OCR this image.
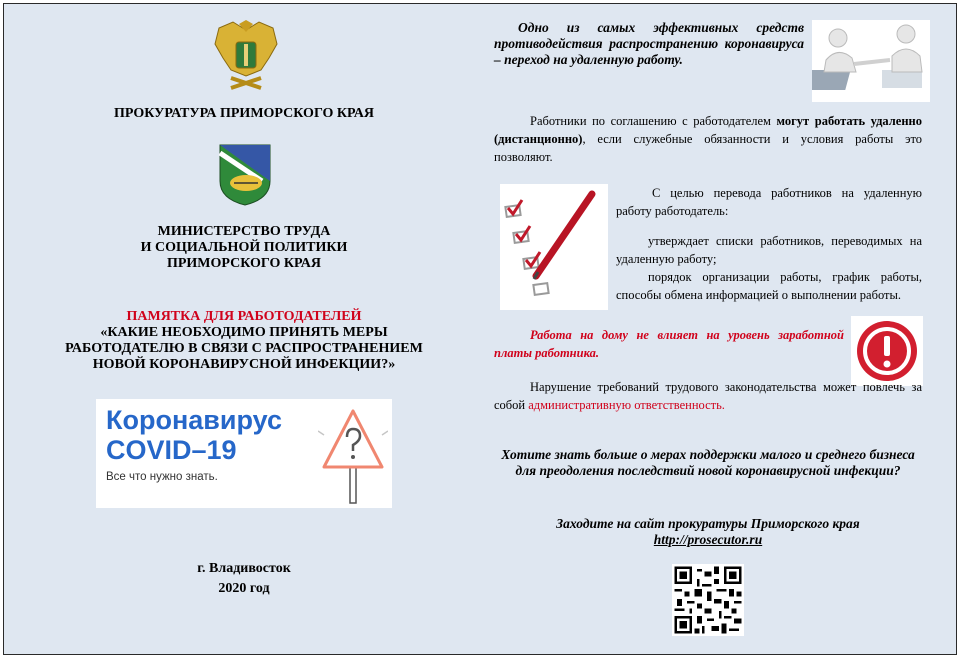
ПРОКУРАТУРА ПРИМОРСКОГО КРАЯ
МИНИСТЕРСТВО ТРУДА
И СОЦИАЛЬНОЙ ПОЛИТИКИ
ПРИМОРСКОГО КРАЯ
ПАМЯТКА ДЛЯ РАБОТОДАТЕЛЕЙ
«КАКИЕ НЕОБХОДИМО ПРИНЯТЬ МЕРЫ
РАБОТОДАТЕЛЮ В СВЯЗИ С РАСПРОСТРАНЕНИЕМ
НОВОЙ КОРОНАВИРУСНОЙ ИНФЕКЦИИ?»
Коронавирус
COVID–19
Все что нужно знать.
г. Владивосток
2020 год
Одно из самых эффективных средств противодействия распространению коронавируса – переход на удаленную работу.
Работники по соглашению с работодателем могут работать удаленно (дистанционно), если служебные обязанности и условия работы это позволяют.
С целью перевода работников на удаленную работу работодатель:
утверждает списки работников, переводимых на удаленную работу;
порядок организации работы, график работы, способы обмена информацией о выполнении работы.
Работа на дому не влияет на уровень заработной платы работника.
Нарушение требований трудового законодательства может повлечь за собой административную ответственность.
Хотите знать больше о мерах поддержки малого и среднего бизнеса для преодоления последствий новой коронавирусной инфекции?
Заходите на сайт прокуратуры Приморского края
http://prosecutor.ru
